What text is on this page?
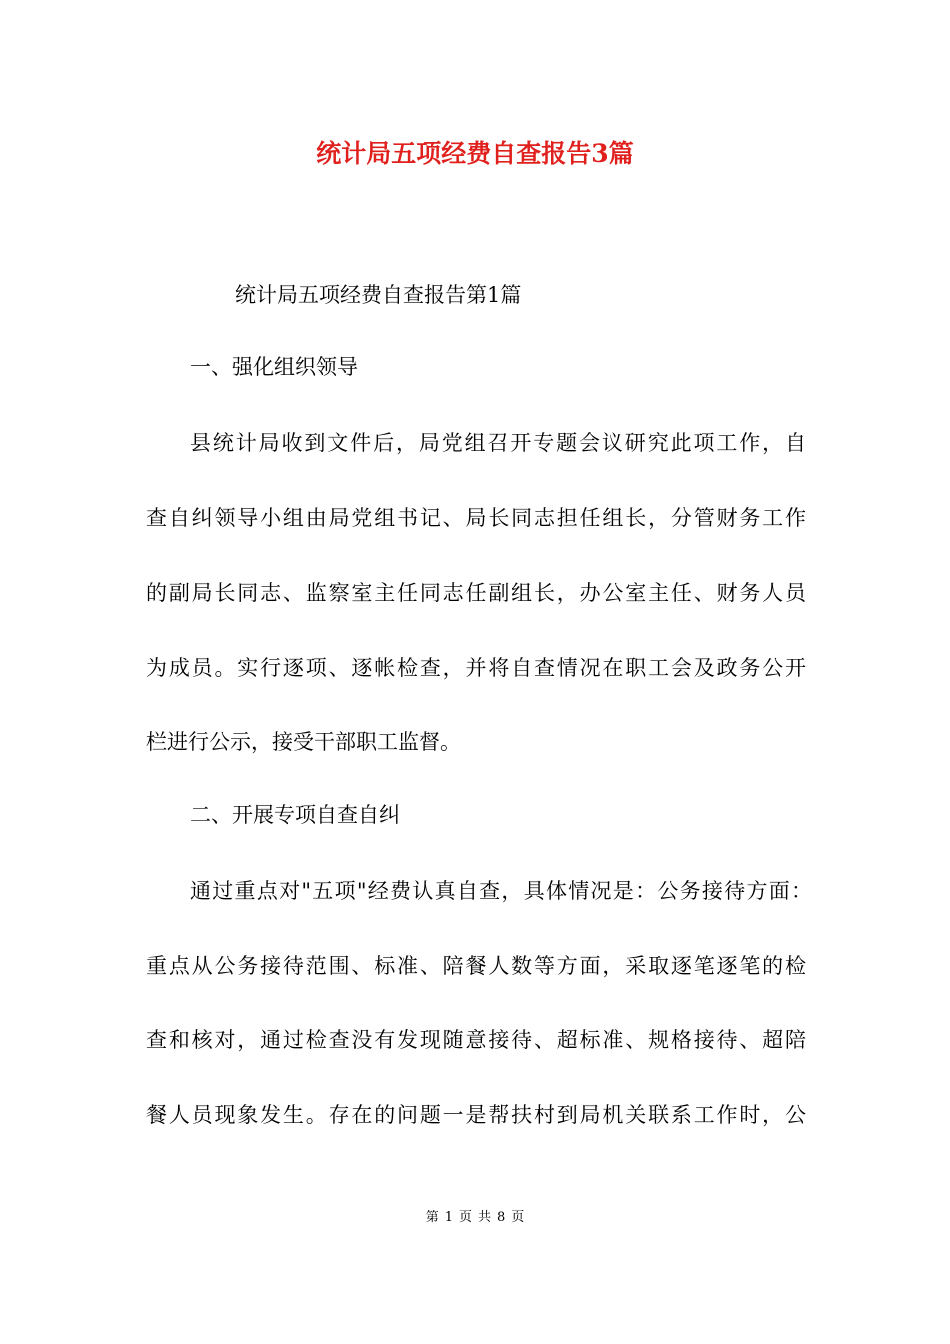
统计局五项经费自查报告3篇
统计局五项经费自查报告第1篇
一、强化组织领导
县统计局收到文件后，局党组召开专题会议研究此项工作，自
查自纠领导小组由局党组书记、局长同志担任组长，分管财务工作
的副局长同志、监察室主任同志任副组长，办公室主任、财务人员
为成员。实行逐项、逐帐检查，并将自查情况在职工会及政务公开
栏进行公示，接受干部职工监督。
二、开展专项自查自纠
通过重点对"五项"经费认真自查，具体情况是：公务接待方面：
重点从公务接待范围、标准、陪餐人数等方面，采取逐笔逐笔的检
查和核对，通过检查没有发现随意接待、超标准、规格接待、超陪
餐人员现象发生。存在的问题一是帮扶村到局机关联系工作时，公
第 1 页 共 8 页
